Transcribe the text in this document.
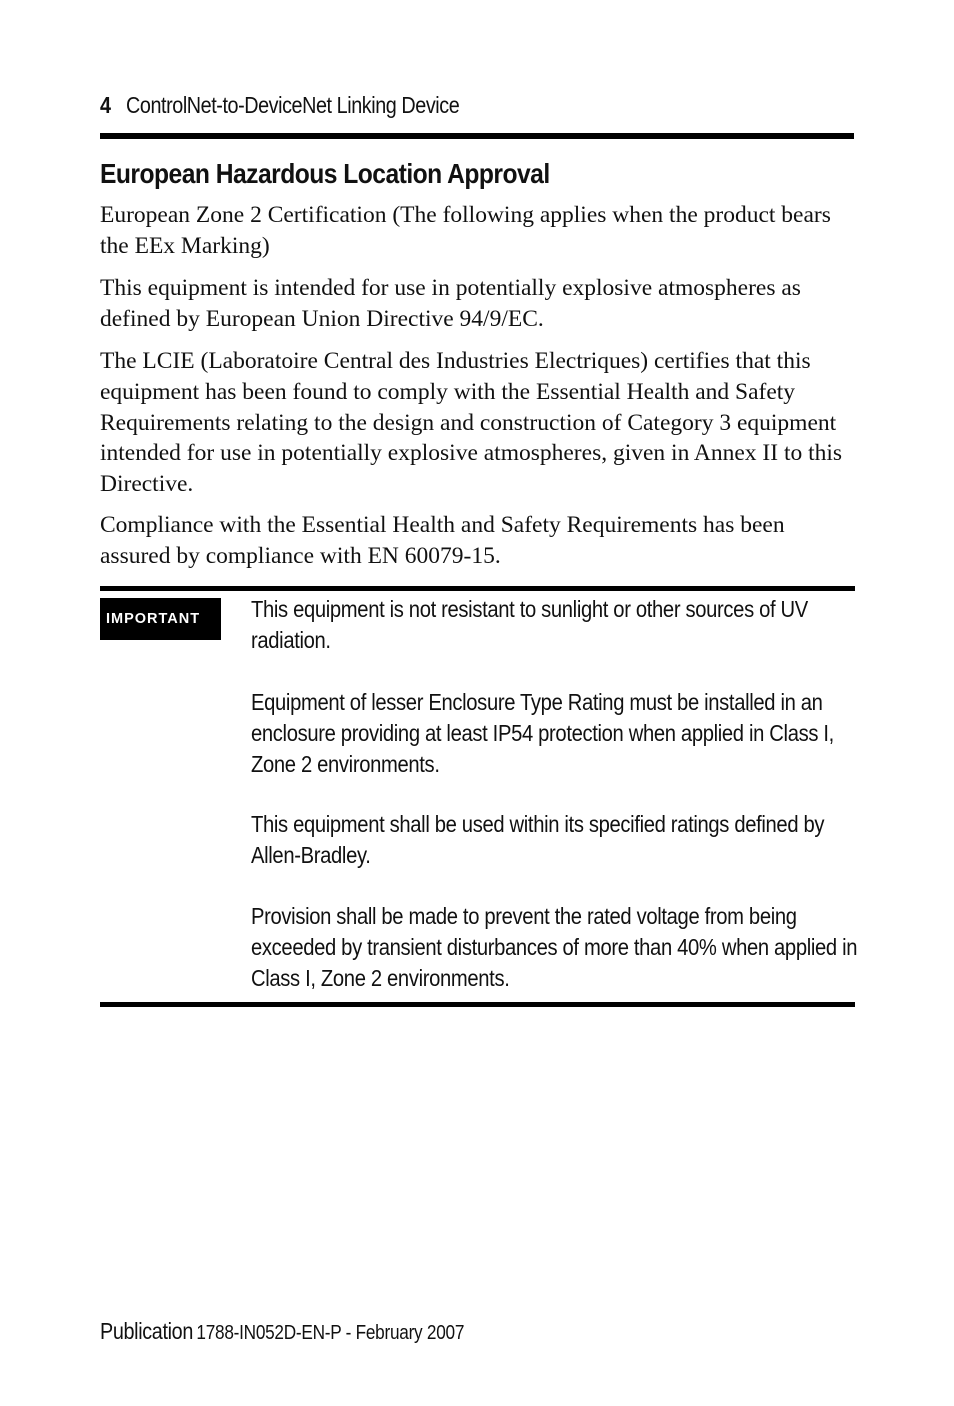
4 ControlNet-to-DeviceNet Linking Device
European Hazardous Location Approval

European Zone 2 Certification (The following applies when the product bears the EEx Marking)

This equipment is intended for use in potentially explosive atmospheres as defined by European Union Directive 94/9/EC.

The LCIE (Laboratoire Central des Industries Electriques) certifies that this equipment has been found to comply with the Essential Health and Safety Requirements relating to the design and construction of Category 3 equipment intended for use in potentially explosive atmospheres, given in Annex II to this Directive.

Compliance with the Essential Health and Safety Requirements has been assured by compliance with EN 60079-15.

IMPORTANT	This equipment is not resistant to sunlight or other sources of UV radiation.

Equipment of lesser Enclosure Type Rating must be installed in an enclosure providing at least IP54 protection when applied in Class I, Zone 2 environments.

This equipment shall be used within its specified ratings defined by Allen-Bradley.

Provision shall be made to prevent the rated voltage from being exceeded by transient disturbances of more than 40% when applied in Class I, Zone 2 environments.

Publication 1788-IN052D-EN-P - February 2007
